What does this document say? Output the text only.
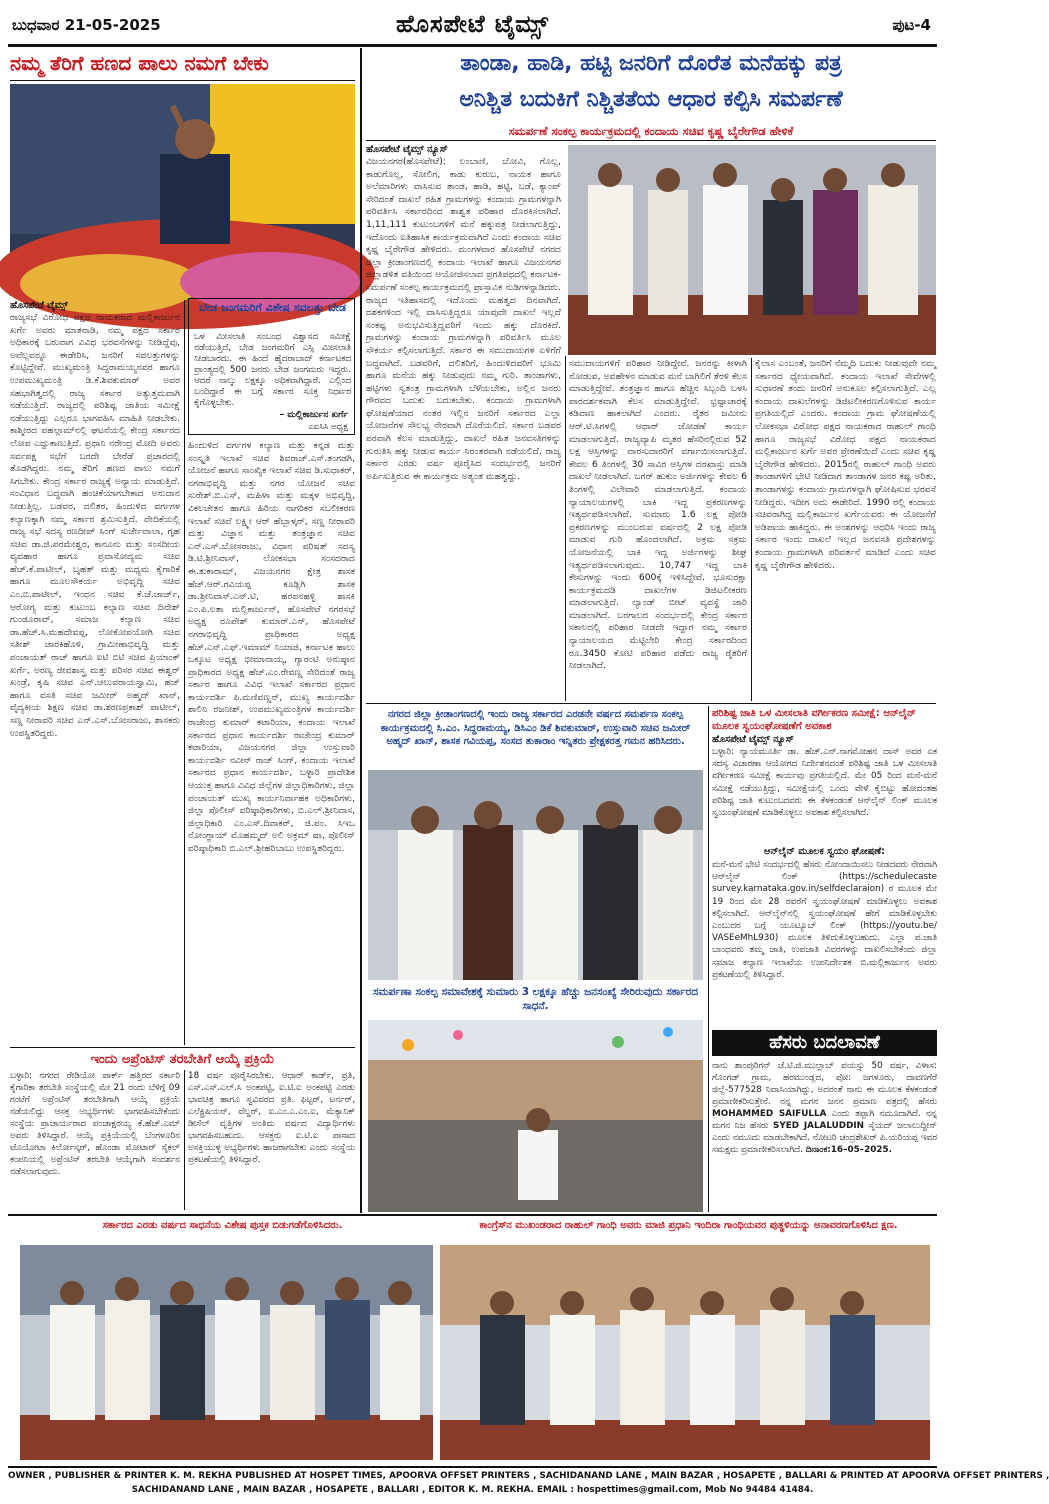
ಬುಧವಾರ 21-05-2025	ಹೊಸಪೇಟೆ ಟೈಮ್ಸ್	ಪುಟ-4
ನಮ್ಮ ತೆರಿಗೆ ಹಣದ ಪಾಲು ನಮಗೆ ಬೇಕು
ಹೊಸಪೇಟೆ ಟೈಮ್ಸ್
ರಾಜ್ಯಸಭೆ ವಿರೋಧ ಪಕ್ಷದ ನಾಯಕರಾದ ಮಲ್ಲಿಕಾರ್ಜುನ ಖರ್ಗೆ ಅವರು ಮಾತನಾಡಿ, ನಮ್ಮ ಪಕ್ಷದ ಸರ್ಕಾರ ಅಧಿಕಾರಕ್ಕೆ ಬರುವಾಗ ವಿವಿಧ ಭರವಸೆಗಳನ್ನು ನೀಡಿದ್ದೆವು, ಅವೆಲ್ಲವನ್ನೂ ಈಡೇರಿಸಿ, ಜನರಿಗೆ ಸವಲತ್ತುಗಳನ್ನು ಕೊಟ್ಟಿದ್ದೇವೆ. ಮುಖ್ಯಮಂತ್ರಿ ಸಿದ್ದರಾಮಯ್ಯನವರ ಹಾಗೂ ಉಪಮುಖ್ಯಮಂತ್ರಿ ಡಿ.ಕೆ.ಶಿವಕುಮಾರ್ ಅವರ ಸಹಭಾಗಿತ್ವದಲ್ಲಿ ರಾಜ್ಯ ಸರ್ಕಾರ ಅತ್ಯುತ್ತಮವಾಗಿ ನಡೆಯುತ್ತಿದೆ. ರಾಜ್ಯದಲ್ಲಿ ಪರಿಶಿಷ್ಟ ಜಾತಿಯ ಸಮೀಕ್ಷೆ ನಡೆಯುತ್ತಿದ್ದು ಎಲ್ಲರೂ ಭಾಗವಹಿಸಿ ಮಾಹಿತಿ ನೀಡಬೇಕು. ಕಾಶ್ಮೀರದ ಪಹಲ್ಗಾಮ್‍ನಲ್ಲಿ ಘಟನೆಯಲ್ಲಿ ಕೇಂದ್ರ ಸರ್ಕಾರದ ಲೋಪ ಎದ್ದುಕಾಣುತ್ತಿದೆ. ಪ್ರಧಾನಿ ನರೇಂದ್ರ ಮೋದಿ ಅವರು ಸರ್ವಪಕ್ಷ ಸಭೆಗೆ ಬರದೇ ಬೇರೆಡೆ ಪ್ರಚಾರದಲ್ಲಿ ತೊಡಗಿದ್ದರು. ನಮ್ಮ ತೆರಿಗೆ ಹಣದ ಪಾಲು ನಮಗೆ ಸಿಗಬೇಕು. ಕೇಂದ್ರ ಸರ್ಕಾರ ರಾಜ್ಯಕ್ಕೆ ಅನ್ಯಾಯ ಮಾಡುತ್ತಿದೆ. ಸಂವಿಧಾನ ಬದ್ಧವಾಗಿ ಹಂಚಿಕೆಯಾಗಬೇಕಾದ ಅನುದಾನ ನೀಡುತ್ತಿಲ್ಲ. ಬಡವರ, ದಲಿತರ, ಹಿಂದುಳಿದ ವರ್ಗಗಳ ಕಲ್ಯಾಣಕ್ಕಾಗಿ ನಮ್ಮ ಸರ್ಕಾರ ಶ್ರಮಿಸುತ್ತಿದೆ. ವೇದಿಕೆಯಲ್ಲಿ ರಾಜ್ಯ ಸಭೆ ಸದಸ್ಯ ರಣದೀಪ್ ಸಿಂಗ್ ಸುರ್ಜೇವಾಲಾ, ಗೃಹ ಸಚಿವ ಡಾ.ಜಿ.ಪರಮೇಶ್ವರ, ಕಾನೂನು ಮತ್ತು ಸಂಸದೀಯ ವ್ಯವಹಾರ ಹಾಗೂ ಪ್ರವಾಸೋದ್ಯಮ ಸಚಿವ ಹೆಚ್.ಕೆ.ಪಾಟೀಲ್, ಬೃಹತ್ ಮತ್ತು ಮಧ್ಯಮ ಕೈಗಾರಿಕೆ ಹಾಗೂ ಮೂಲಸೌಕರ್ಯ ಅಭಿವೃದ್ಧಿ ಸಚಿವ ಎಂ.ಬಿ.ಪಾಟೀಲ್, ಇಂಧನ ಸಚಿವ ಕೆ.ಜೆ.ಜಾರ್ಜ್, ಆರೋಗ್ಯ ಮತ್ತು ಕುಟುಂಬ ಕಲ್ಯಾಣ ಸಚಿವ ದಿನೇಶ್ ಗುಂಡೂರಾವ್, ಸಮಾಜ ಕಲ್ಯಾಣ ಸಚಿವ ಡಾ.ಹೆಚ್.ಸಿ.ಮಹದೇವಪ್ಪ, ಲೋಕೋಪಯೋಗಿ ಸಚಿವ ಸತೀಶ್ ಜಾರಕಿಹೊಳಿ, ಗ್ರಾಮೀಣಾಭಿವೃದ್ಧಿ ಮತ್ತು ಪಂಚಾಯತ್ ರಾಜ್ ಹಾಗೂ ಐಟಿ ಬಿಟಿ ಸಚಿವ ಪ್ರಿಯಾಂಕ್ ಖರ್ಗೆ, ಅರಣ್ಯ ಜೀವಶಾಸ್ತ್ರ ಮತ್ತು ಪರಿಸರ ಸಚಿವ ಈಶ್ವರ್ ಖಂಡ್ರೆ, ಕೃಷಿ ಸಚಿವ ಎನ್.ಚಲುವರಾಯಸ್ವಾಮಿ, ಹಜ್ ಹಾಗೂ ವಸತಿ ಸಚಿವ ಜಮೀರ್ ಅಹ್ಮದ್ ಖಾನ್, ವೈದ್ಯಕೀಯ ಶಿಕ್ಷಣ ಸಚಿವ ಡಾ.ಶರಣಪ್ರಕಾಶ್ ಪಾಟೀಲ್, ಸಣ್ಣ ನೀರಾವರಿ ಸಚಿವ ಎನ್.ಎಸ್.ಬೋಸರಾಜು, ಶಾಸಕರು ಉಪಸ್ಥಿತರಿದ್ದರು.
ಬೇಡ ಜಂಗಮರಿಗೆ ವಿಶೇಷ ಸವಲತ್ತು ಬೇಡ
ಒಳ ಮೀಸಲಾತಿ ಸಂಬಂಧ ವಿಶ್ವಾಸದ ಸಮೀಕ್ಷೆ ನಡೆಯುತ್ತಿದೆ, ಬೇಡ ಜಂಗಮರಿಗೆ ಎಸ್ಸಿ ಮೀಸಲಾತಿ ನೀಡಬಾರದು. ಈ ಹಿಂದೆ ಹೈದರಾಬಾದ್ ಕರ್ನಾಟಕದ ಪ್ರಾಂತ್ಯದಲ್ಲಿ 500 ಜನರು ಬೇಡ ಜಂಗಮರು ಇದ್ದರು. ಆದರೆ ನಾಲ್ಕು ಲಕ್ಷಕ್ಕೂ ಅಧಿಕವಾಗಿದ್ದಾರೆ. ಎಲ್ಲಿಂದ ಬಂದಿದ್ದಾರೆ ಈ ಬಗ್ಗೆ ಸರ್ಕಾರ ಸೂಕ್ತ ನಿರ್ಧಾರ ಕೈಗೊಳ್ಳಬೇಕು.
– ಮಲ್ಲಿಕಾರ್ಜುನ ಖರ್ಗೆ
ಎಐಸಿಸಿ ಅಧ್ಯಕ್ಷ
ಹಿಂದುಳಿದ ವರ್ಗಗಳ ಕಲ್ಯಾಣ ಮತ್ತು ಕನ್ನಡ ಮತ್ತು ಸಂಸ್ಕೃತಿ ಇಲಾಖೆ ಸಚಿವ ಶಿವರಾಜ್.ಎಸ್.ತಂಗಡಗಿ, ಯೋಜನೆ ಹಾಗೂ ಸಾಂಖ್ಯಿಕ ಇಲಾಖೆ ಸಚಿವ ಡಿ.ಸುಧಾಕರ್, ನಗರಾಭಿವೃದ್ಧಿ ಮತ್ತು ನಗರ ಯೋಜನೆ ಸಚಿವ ಸುರೇಶ್.ಬಿ.ಎಸ್, ಮಹಿಳಾ ಮತ್ತು ಮಕ್ಕಳ ಅಭಿವೃದ್ಧಿ, ವಿಕಲಚೇತನ ಹಾಗೂ ಹಿರಿಯ ನಾಗರಿಕರ ಸಬಲೀಕರಣ ಇಲಾಖೆ ಸಚಿವೆ ಲಕ್ಷ್ಮೀ ಆರ್ ಹೆಬ್ಬಾಳ್ಕರ್, ಸಣ್ಣ ನೀರಾವರಿ ಮತ್ತು ವಿಜ್ಞಾನ ಮತ್ತು ತಂತ್ರಜ್ಞಾನ ಸಚಿವ ಎನ್.ಎಸ್.ಬೋಸರಾಜು, ವಿಧಾನ ಪರಿಷತ್ ಸದಸ್ಯ ಡಿ.ಟಿ.ಶ್ರೀನಿವಾಸ್, ಲೋಕಸಭಾ ಸಂಸದರಾದ ಈ.ತುಕಾರಾಮ್, ವಿಜಯನಗರ ಕ್ಷೇತ್ರ ಶಾಸಕ ಹೆಚ್.ಆರ್.ಗವಿಯಪ್ಪ ಕೂಡ್ಲಿಗಿ ಶಾಸಕ ಡಾ.ಶ್ರೀನಿವಾಸ್.ಎನ್.ಟಿ, ಹರಪನಹಳ್ಳಿ ಶಾಸಕಿ ಎಂ.ಪಿ.ಲತಾ ಮಲ್ಲಿಕಾರ್ಜುನ್, ಹೊಸಪೇಟೆ ನಗರಸಭೆ ಅಧ್ಯಕ್ಷ ರೂಪೇಶ್ ಕುಮಾರ್.ಎನ್, ಹೊಸಪೇಟೆ ನಗರಾಭಿವೃದ್ಧಿ ಪ್ರಾಧಿಕಾರದ ಅಧ್ಯಕ್ಷ ಹೆಚ್.ಎನ್.ಎಫ್.ಇಮಾಮ್ ನಿಯಾಜಿ, ಕರ್ನಾಟಕ ಹಾಲು ಒಕ್ಕೂಟ ಅಧ್ಯಕ್ಷ ಭೀಮಾನಾಯ್ಕ, ಗ್ಯಾರಂಟಿ ಅನುಷ್ಠಾನ ಪ್ರಾಧಿಕಾರದ ಅಧ್ಯಕ್ಷ ಹೆಚ್.ಎಂ.ರೇವಣ್ಣ ಸೇರಿದಂತೆ ರಾಜ್ಯ ಸರ್ಕಾರ ಹಾಗೂ ವಿವಿಧ ಇಲಾಖೆ ಸರ್ಕಾರದ ಪ್ರಧಾನ ಕಾರ್ಯದರ್ಶಿ ಪಿ.ಮಣಿವಣ್ಣನ್, ಮುಖ್ಯ ಕಾರ್ಯದರ್ಶಿ ಶಾಲಿನಿ ರಜನೀಶ್, ಉಪಮುಖ್ಯಮಂತ್ರಿಗಳ ಕಾರ್ಯದರ್ಶಿ ರಾಜೇಂದ್ರ ಕುಮಾರ್ ಕಟಾರಿಯಾ, ಕಂದಾಯ ಇಲಾಖೆ ಸರ್ಕಾರದ ಪ್ರಧಾನ ಕಾರ್ಯದರ್ಶಿ ರಾಜೇಂದ್ರ ಕುಮಾರ್ ಕಟಾರಿಯಾ, ವಿಜಯನಗರ ಜಿಲ್ಲಾ ಉಸ್ತುವಾರಿ ಕಾರ್ಯದರ್ಶಿ ನವೀನ್ ರಾಜ್ ಸಿಂಗ್, ಕಂದಾಯ ಇಲಾಖೆ ಸರ್ಕಾರದ ಪ್ರಧಾನ ಕಾರ್ಯದರ್ಶಿ, ಬಳ್ಳಾರಿ ಪ್ರಾದೇಶಿಕ ಆಯುಕ್ತ ಹಾಗೂ ವಿವಿಧ ಜಿಲ್ಲೆಗಳ ಜಿಲ್ಲಾಧಿಕಾರಿಗಳು, ಜಿಲ್ಲಾ ಪಂಚಾಯತ್ ಮುಖ್ಯ ಕಾರ್ಯನಿರ್ವಾಹಕ ಅಧಿಕಾರಿಗಳು, ಜಿಲ್ಲಾ ಪೊಲೀಸ್ ವರಿಷ್ಠಾಧಿಕಾರಿಗಳು, ಬಿ.ಎಲ್.ಶ್ರೀನಿವಾಸ, ಜಿಲ್ಲಾಧಿಕಾರಿ ಎಂ.ಎಸ್.ದಿವಾಕರ್, ಜಿ.ಪಂ. ಸಿಇಒ ನೋಂಗ್ಜಾಯ್ ಮೊಹಮ್ಮದ್ ಅಲಿ ಅಕ್ರಮ್ ಷಾ, ಪೊಲೀಸ್ ವರಿಷ್ಠಾಧಿಕಾರಿ ಬಿ.ಎಲ್.ಶ್ರೀಹರಿಬಾಬು ಉಪಸ್ಥಿತರಿದ್ದರು.
ಇಂದು ಅಪ್ರೆಂಟಿಸ್ ತರಬೇತಿಗೆ ಆಯ್ಕೆ ಪ್ರಕ್ರಿಯೆ
ಬಳ್ಳಾರಿ: ನಗರದ ರೇಡಿಯೋ ಪಾರ್ಕ್ ಹತ್ತಿರದ ಸರ್ಕಾರಿ ಕೈಗಾರಿಕಾ ತರಬೇತಿ ಸಂಸ್ಥೆಯಲ್ಲಿ ಮೇ 21 ರಂದು ಬೆಳಿಗ್ಗೆ 09 ಗಂಟೆಗೆ ಅಪ್ರೆಂಟಿಸ್ ತರಬೇತಿಗಾಗಿ ಆಯ್ಕೆ ಪ್ರಕ್ರಿಯೆ ನಡೆಯಲಿದ್ದು ಆಸಕ್ತ ಅಭ್ಯರ್ಥಿಗಳು ಭಾಗವಹಿಸಬೇಕೆಂದು ಸಂಸ್ಥೆಯ ಪ್ರಾಚಾರ್ಯರಾದ ಪಂಚಾಕ್ಷರಯ್ಯ ಕೆ.ಹೆಚ್.ಎಮ್ ಅವರು ತಿಳಿಸಿದ್ದಾರೆ. ಆಯ್ಕೆ ಪ್ರಕ್ರಿಯೆಯಲ್ಲಿ ಬೆಂಗಳೂರಿನ ಟೊಯೋಟಾ ಕಿರ್ಲೋಸ್ಕರ್, ಹೊಂಡಾ ಮೋಟಾರ್ ಸೈಕಲ್ ಕಂಪನಿಯಲ್ಲಿ ಅಪ್ರೆಂಟಿಸ್ ತರಬೇತಿ ಆಯ್ಕೆಗಾಗಿ ಸಂದರ್ಶನ ನಡೆಸಲಾಗುವುದು.
18 ವರ್ಷ ಪೂರೈಸಿರಬೇಕು. ಆಧಾರ್ ಕಾರ್ಡ್, ಪ್ರತಿ, ಎಸ್.ಎಸ್.ಎಲ್.ಸಿ ಅಂಕಪಟ್ಟಿ, ಐ.ಟಿ.ಐ ಅಂಕಪಟ್ಟಿ ಎರಡು ಭಾವಚಿತ್ರ ಹಾಗೂ ಸ್ವವಿವರದ ಪ್ರತಿ. ಫಿಟ್ಟರ್, ಟರ್ನರ್, ಎಲೆಕ್ಟ್ರಿಷಿಯನ್, ವೆಲ್ಡರ್, ಐ.ಎಂ.ಎ.ಎಂ.ಐ, ಮೆಕ್ಯಾನಿಕ್ ಡೀಸೆಲ್ ವೃತ್ತಿಗಳ ಅಂತಿಮ ವರ್ಷದ ವಿದ್ಯಾರ್ಥಿಗಳು ಭಾಗವಹಿಸಬಹುದು. ಆಸಕ್ತರು ಐ.ಟಿ.ಐ ಪಾಸಾದ ಅಸಕ್ತಿಯುಳ್ಳ ಅಭ್ಯರ್ಥಿಗಳು ಹಾಜರಾಗಬೇಕು ಎಂದು ಸಂಸ್ಥೆಯ ಪ್ರಕಟಣೆಯಲ್ಲಿ ತಿಳಿಸಿದ್ದಾರೆ.
ತಾಂಡಾ, ಹಾಡಿ, ಹಟ್ಟಿ ಜನರಿಗೆ ದೊರೆತ ಮನೆಹಕ್ಕು ಪತ್ರ
ಅನಿಶ್ಚಿತ ಬದುಕಿಗೆ ನಿಶ್ಚಿತತೆಯ ಆಧಾರ ಕಲ್ಪಿಸಿ ಸಮರ್ಪಣೆ
ಸಮರ್ಪಣೆ ಸಂಕಲ್ಪ ಕಾರ್ಯಕ್ರಮದಲ್ಲಿ ಕಂದಾಯ ಸಚಿವ ಕೃಷ್ಣ ಬೈರೇಗೌಡ ಹೇಳಿಕೆ
ಹೊಸಪೇಟೆ ಟೈಮ್ಸ್ ನ್ಯೂಸ್
ವಿಜಯನಗರ(ಹೊಸಪೇಟೆ): ಲಂಬಾಣಿ, ಬೋವಿ, ಗೊಲ್ಲ, ಕಾಡುಗೊಲ್ಲ, ಸೋಲಿಗ, ಕಾಡು ಕುರುಬ, ನಾಯಕ ಹಾಗೂ ಅಲೆಮಾರಿಗಳು ವಾಸಿಸುವ ತಾಂಡ, ಹಾಡಿ, ಹಟ್ಟಿ, ಬಡೆ, ಕ್ಯಾಂಪ್ ಸೇರಿದಂತೆ ದಾಖಲೆ ರಹಿತ ಗ್ರಾಮಗಳನ್ನು ಕಂದಾಯ ಗ್ರಾಮಗಳನ್ನಾಗಿ ಪರಿವರ್ತಿಸಿ ಸರ್ಕಾರದಿಂದ ಶಾಶ್ವತ ಪರಿಹಾರ ದೊರಕಿಸಲಾಗಿದೆ. 1,11,111 ಕುಟುಂಬಗಳಿಗೆ ಮನೆ ಹಕ್ಕುಪತ್ರ ನೀಡಲಾಗುತ್ತಿದ್ದು, ಇದೊಂದು ಐತಿಹಾಸಿಕ ಕಾರ್ಯಕ್ರಮವಾಗಿದೆ ಎಂದು ಕಂದಾಯ ಸಚಿವ ಕೃಷ್ಣ ಬೈರೇಗೌಡ ಹೇಳಿದರು. ಮಂಗಳವಾರ ಹೊಸಪೇಟೆ ನಗರದ ಜಿಲ್ಲಾ ಕ್ರೀಡಾಂಗಣದಲ್ಲಿ ಕಂದಾಯ ಇಲಾಖೆ ಹಾಗೂ ವಿಜಯನಗರ ಜಿಲ್ಲಾಡಳಿತ ವತಿಯಿಂದ ಆಯೋಜಿಸಲಾದ ಪ್ರಗತಿಪಥದಲ್ಲಿ ಕರ್ನಾಟಕ-ಸಮರ್ಪಣೆ ಸಂಕಲ್ಪ ಕಾರ್ಯಕ್ರಮದಲ್ಲಿ ಪ್ರಾಸ್ತಾವಿಕ ನುಡಿಗಳನ್ನಾಡಿದರು. ರಾಜ್ಯದ ಇತಿಹಾಸದಲ್ಲಿ ಇದೊಂದು ಮಹತ್ವದ ದಿನವಾಗಿದೆ. ದಶಕಗಳಿಂದ ಇಲ್ಲಿ ವಾಸಿಸುತ್ತಿದ್ದರೂ ಯಾವುದೇ ದಾಖಲೆ ಇಲ್ಲದೆ ಸಂಕಷ್ಟ ಅನುಭವಿಸುತ್ತಿದ್ದವರಿಗೆ ಇಂದು ಹಕ್ಕು ದೊರಕಿದೆ. ಗ್ರಾಮಗಳನ್ನು ಕಂದಾಯ ಗ್ರಾಮಗಳನ್ನಾಗಿ ಪರಿವರ್ತಿಸಿ ಮೂಲ ಸೌಕರ್ಯ ಕಲ್ಪಿಸಲಾಗುತ್ತಿದೆ. ಸರ್ಕಾರ ಈ ಸಮುದಾಯಗಳ ಏಳಿಗೆಗೆ ಬದ್ಧವಾಗಿದೆ. ಬಡವರಿಗೆ, ದಲಿತರಿಗೆ, ಹಿಂದುಳಿದವರಿಗೆ ಭೂಮಿ ಹಾಗೂ ಮನೆಯ ಹಕ್ಕು ನೀಡುವುದು ನಮ್ಮ ಗುರಿ. ತಾಂಡಾಗಳು, ಹಟ್ಟಿಗಳು ಸ್ವತಂತ್ರ ಗ್ರಾಮಗಳಾಗಿ ಬೆಳೆಯಬೇಕು, ಅಲ್ಲಿನ ಜನರು ಗೌರವದ ಬದುಕು ಬದುಕಬೇಕು. ಕಂದಾಯ ಗ್ರಾಮಗಳಾಗಿ ಘೋಷಣೆಯಾದ ನಂತರ ಇಲ್ಲಿನ ಜನರಿಗೆ ಸರ್ಕಾರದ ಎಲ್ಲಾ ಯೋಜನೆಗಳ ಸೌಲಭ್ಯ ನೇರವಾಗಿ ದೊರೆಯಲಿದೆ. ಸರ್ಕಾರ ಬಡವರ ಪರವಾಗಿ ಕೆಲಸ ಮಾಡುತ್ತಿದ್ದು, ದಾಖಲೆ ರಹಿತ ಜನವಸತಿಗಳನ್ನು ಗುರುತಿಸಿ ಹಕ್ಕು ನೀಡುವ ಕಾರ್ಯ ನಿರಂತರವಾಗಿ ನಡೆಯಲಿದೆ. ರಾಜ್ಯ ಸರ್ಕಾರ ಎರಡು ವರ್ಷ ಪೂರೈಸಿದ ಸಂದರ್ಭದಲ್ಲಿ ಜನರಿಗೆ ಅರ್ಪಿಸುತ್ತಿರುವ ಈ ಕಾರ್ಯಕ್ರಮ ಅತ್ಯಂತ ಮಹತ್ವದ್ದು.
ಸಮುದಾಯಗಳಿಗೆ ಪರಿಹಾರ ನೀಡಿದ್ದೇವೆ. ಜನರನ್ನು ಕೀಳಾಗಿ ನೋಡುವ, ಅವಹೇಳನ ಮಾಡುವ ಮನೆ ಬಾಗಿಲಿಗೆ ತೆರಳಿ ಕೆಲಸ ಮಾಡುತ್ತಿದ್ದೇವೆ. ತಂತ್ರಜ್ಞಾನ ಹಾಗೂ ಹೆಚ್ಚಿನ ಸಿಬ್ಬಂದಿ ಬಳಸಿ ಪಾರದರ್ಶಕವಾಗಿ ಕೆಲಸ ಮಾಡುತ್ತಿದ್ದೇವೆ. ಭ್ರಷ್ಟಾಚಾರಕ್ಕೆ ಕಡಿವಾಣ ಹಾಕಲಾಗಿದೆ ಎಂದರು. ರೈತರ ಜಮೀನು ಆರ್.ಟಿ.ಸಿಗಳಲ್ಲಿ ಆಧಾರ್ ಜೋಡಣೆ ಕಾರ್ಯ ಮಾಡಲಾಗುತ್ತಿದೆ. ರಾಜ್ಯವ್ಯಾಪಿ ಮೃತರ ಹೆಸರಿನಲ್ಲಿರುವ 52 ಲಕ್ಷ ಆಸ್ತಿಗಳನ್ನು ವಾರಸುದಾರರಿಗೆ ವರ್ಗಾಯಿಸಲಾಗುತ್ತಿದೆ. ಕೇವಲ 6 ತಿಂಗಳಲ್ಲಿ 30 ಸಾವಿರ ಆಸ್ತಿಗಳ ದರಖಾಸ್ತು ಮಾಡಿ ದಾಖಲೆ ನೀಡಲಾಗಿದೆ. ಬಗರ್ ಹುಕುಂ ಅರ್ಜಿಗಳನ್ನು ಕೇವಲ 6 ತಿಂಗಳಲ್ಲಿ ವಿಲೇವಾರಿ ಮಾಡಲಾಗುತ್ತಿದೆ. ಕಂದಾಯ ನ್ಯಾಯಾಲಯಗಳಲ್ಲಿ ಬಾಕಿ ಇದ್ದ ಪ್ರಕರಣಗಳನ್ನು ಇತ್ಯರ್ಥಪಡಿಸಲಾಗಿದೆ. ಸುಮಾರು 1.6 ಲಕ್ಷ ಪೋಡಿ ಪ್ರಕರಣಗಳನ್ನು ಮುಂಬರುವ ವರ್ಷದಲ್ಲಿ 2 ಲಕ್ಷ ಪೋಡಿ ಮಾಡುವ ಗುರಿ ಹೊಂದಲಾಗಿದೆ. ಅಕ್ರಮ ಸಕ್ರಮ ಯೋಜನೆಯಲ್ಲಿ ಬಾಕಿ ಇದ್ದ ಅರ್ಜಿಗಳನ್ನು ಶೀಘ್ರ ಇತ್ಯರ್ಥಪಡಿಸಲಾಗುವುದು. 10,747 ಇದ್ದ ಬಾಕಿ ಕೇಸುಗಳನ್ನು ಇಂದು 600ಕ್ಕೆ ಇಳಿಸಿದ್ದೇವೆ. ಭೂಸುರಕ್ಷಾ ಕಾರ್ಯಕ್ರಮದಡಿ ದಾಖಲೆಗಳ ಡಿಜಿಟಲೀಕರಣ ಮಾಡಲಾಗುತ್ತಿದೆ. ಲ್ಯಾಂಡ್ ಬೀಟ್ ವ್ಯವಸ್ಥೆ ಜಾರಿ ಮಾಡಲಾಗಿದೆ. ಬರಗಾಲದ ಸಂದರ್ಭದಲ್ಲಿ ಕೇಂದ್ರ ಸರ್ಕಾರ ಸಕಾಲದಲ್ಲಿ ಪರಿಹಾರ ನೀಡದೇ ಇದ್ದಾಗ ನಮ್ಮ ಸರ್ಕಾರ ನ್ಯಾಯಾಲಯದ ಮೆಟ್ಟಿಲೇರಿ ಕೇಂದ್ರ ಸರ್ಕಾರದಿಂದ ರೂ.3450 ಕೋಟಿ ಪರಿಹಾರ ಪಡೆದು ರಾಜ್ಯ ರೈತರಿಗೆ ನೀಡಲಾಗಿದೆ.
ಕೈಲಾಸ ಎಂಬಂತೆ, ಜನರಿಗೆ ನೆಮ್ಮದಿ ಬದುಕು ನೀಡುವುದೇ ನಮ್ಮ ಸರ್ಕಾರದ ಧ್ಯೇಯವಾಗಿದೆ. ಕಂದಾಯ ಇಲಾಖೆ ಸೇವೆಗಳಲ್ಲಿ ಸುಧಾರಣೆ ತಂದು ಜನರಿಗೆ ಅನುಕೂಲ ಕಲ್ಪಿಸಲಾಗುತ್ತಿದೆ. ಎಲ್ಲ ಕಂದಾಯ ದಾಖಲೆಗಳನ್ನು ಡಿಜಿಟಲೀಕರಣಗೊಳಿಸುವ ಕಾರ್ಯ ಪ್ರಗತಿಯಲ್ಲಿದೆ ಎಂದರು. ಕಂದಾಯ ಗ್ರಾಮ ಘೋಷಣೆಯಲ್ಲಿ ಲೋಕಸಭಾ ವಿರೋಧ ಪಕ್ಷದ ನಾಯಕರಾದ ರಾಹುಲ್ ಗಾಂಧಿ ಹಾಗೂ ರಾಜ್ಯಸಭೆ ವಿರೋಧ ಪಕ್ಷದ ನಾಯಕರಾದ ಮಲ್ಲಿಕಾರ್ಜುನ ಖರ್ಗೆ ಅವರ ಪ್ರೇರಣೆಯಿದೆ ಎಂದು ಸಚಿವ ಕೃಷ್ಣ ಬೈರೇಗೌಡ ಹೇಳಿದರು. 2015ರಲ್ಲಿ ರಾಹುಲ್ ಗಾಂಧಿ ಅವರು ತಾಂಡಾಗಳಿಗೆ ಭೇಟಿ ನೀಡಿದಾಗ ತಾಂಡಾಗಳ ಜನರ ಕಷ್ಟ ಅರಿತು, ತಾಂಡಾಗಳನ್ನು ಕಂದಾಯ ಗ್ರಾಮಗಳನ್ನಾಗಿ ಘೋಷಿಸುವ ಭರವಸೆ ನೀಡಿದ್ದರು. ಇದೀಗ ಅದು ಈಡೇರಿದೆ. 1990 ರಲ್ಲಿ ಕಂದಾಯ ಸಚಿವರಾಗಿದ್ದ ಮಲ್ಲಿಕಾರ್ಜುನ ಖರ್ಗೆಯವರು ಈ ಯೋಜನೆಗೆ ಅಡಿಪಾಯ ಹಾಕಿದ್ದರು. ಈ ಅಂಶಗಳನ್ನು ಆಧರಿಸಿ ಇಂದು ರಾಜ್ಯ ಸರ್ಕಾರ ಇಂದು ದಾಖಲೆ ಇಲ್ಲದ ಜನವಸತಿ ಪ್ರದೇಶಗಳನ್ನು ಕಂದಾಯ ಗ್ರಾಮಗಳಾಗಿ ಪರಿವರ್ತನೆ ಮಾಡಿದೆ ಎಂದು ಸಚಿವ ಕೃಷ್ಣ ಬೈರೇಗೌಡ ಹೇಳಿದರು.
ನಗರದ ಜಿಲ್ಲಾ ಕ್ರೀಡಾಂಗಣದಲ್ಲಿ ಇಂದು ರಾಜ್ಯ ಸರ್ಕಾರದ ಎರಡನೇ ವರ್ಷದ ಸಮರ್ಪಣ ಸಂಕಲ್ಪ ಕಾರ್ಯಕ್ರಮದಲ್ಲಿ ಸಿ.ಎಂ. ಸಿದ್ದರಾಮಯ್ಯ, ಡಿಸಿಎಂ ಡಿಕೆ ಶಿವಕುಮಾರ್, ಉಸ್ತುವಾರಿ ಸಚಿವ ಜಮೀರ್ ಅಹ್ಮದ್ ಖಾನ್, ಶಾಸಕ ಗವಿಯಪ್ಪ, ಸಂಸದ ತುಕಾರಾಂ ಇನ್ನಿತರು ಪ್ರೇಕ್ಷಕರತ್ತ ಗಮನ ಹರಿಸಿದರು.
ಸಮರ್ಪಣಾ ಸಂಕಲ್ಪ ಸಮಾವೇಶಕ್ಕೆ ಸುಮಾರು 3 ಲಕ್ಷಕ್ಕೂ ಹೆಚ್ಚು ಜನಸಂಖ್ಯೆ ಸೇರಿರುವುದು ಸರ್ಕಾರದ ಸಾಧನೆ.
ಪರಿಶಿಷ್ಟ ಜಾತಿ ಒಳ ಮೀಸಲಾತಿ ವರ್ಗೀಕರಣ ಸಮೀಕ್ಷೆ: ಆನ್‍ಲೈನ್ ಮೂಲಕ ಸ್ವಯಂಘೋಷಣೆಗೆ ಅವಕಾಶ
ಹೊಸಪೇಟೆ ಟೈಮ್ಸ್ ನ್ಯೂಸ್
ಬಳ್ಳಾರಿ: ನ್ಯಾಯಮೂರ್ತಿ ಡಾ. ಹೆಚ್.ಎನ್.ನಾಗಮೋಹನ ದಾಸ್ ಅವರ ಏಕ ಸದಸ್ಯ ವಿಚಾರಣಾ ಆಯೋಗದ ನಿರ್ದೇಶನದಂತೆ ಪರಿಶಿಷ್ಟ ಜಾತಿ ಒಳ ಮೀಸಲಾತಿ ವರ್ಗೀಕರಣ ಸಮೀಕ್ಷೆ ಕಾರ್ಯವು ಪ್ರಗತಿಯಲ್ಲಿದೆ. ಮೇ 05 ರಿಂದ ಮನೆ-ಮನೆ ಸಮೀಕ್ಷೆ ನಡೆಯುತ್ತಿದ್ದು, ಸಮೀಕ್ಷೆಯಲ್ಲಿ ಒಂದು ವೇಳೆ ಕೈಬಿಟ್ಟು ಹೋದಂತಹ ಪರಿಶಿಷ್ಟ ಜಾತಿ ಕುಟುಂಬದವರು ಈ ಕೆಳಕಂಡಂತೆ ಆನ್‍ಲೈನ್ ಲಿಂಕ್ ಮೂಲಕ ಸ್ವಯಂಘೋಷಣೆ ಮಾಡಿಕೊಳ್ಳಲು ಅವಕಾಶ ಕಲ್ಪಿಸಲಾಗಿದೆ.
ಆನ್‍ಲೈನ್ ಮೂಲಕ ಸ್ವಯಂ ಘೋಷಣೆ:
ಮನೆ-ಮನೆ ಭೇಟಿ ಸಂದರ್ಭದಲ್ಲಿ ಹೆಸರು ನೋಂದಾಯಿಸಲು ನೀಡದವರು ನೇರವಾಗಿ ಆನ್‍ಲೈನ್ ಲಿಂಕ್ (https://schedulecaste survey.karnataka.gov.in/selfdeclaraion) ರ ಮೂಲಕ ಮೇ 19 ರಿಂದ ಮೇ 28 ರವರೆಗೆ ಸ್ವಯಂಘೋಷಣೆ ಮಾಡಿಕೊಳ್ಳಲು ಅವಕಾಶ ಕಲ್ಪಿಸಲಾಗಿದೆ. ಆನ್‍ಲೈನ್‍ನಲ್ಲಿ ಸ್ವಯಂಘೋಷಣೆ ಹೇಗೆ ಮಾಡಿಕೊಳ್ಳಬೇಕು ಎಂಬುದರ ಬಗ್ಗೆ ಯೂಟ್ಯೂಬ್ ಲಿಂಕ್ (https://youtu.be/ VASEeMhL930) ಮೂಲಕ ತಿಳಿದುಕೊಳ್ಳಬಹುದು. ಎಲ್ಲಾ ಪ.ಜಾತಿ ಬಾಂಧವರು ತಮ್ಮ ಜಾತಿ, ಉಪಜಾತಿ ವಿವರಗಳನ್ನು ದಾಖಲಿಸಬೇಕೆಂದು ಜಿಲ್ಲಾ ಸಮಾಜ ಕಲ್ಯಾಣ ಇಲಾಖೆಯ ಉಪನಿರ್ದೇಶಕ ಬಿ.ಮಲ್ಲಿಕಾರ್ಜುನ ಅವರು ಪ್ರಕಟಣೆಯಲ್ಲಿ ತಿಳಿಸಿದ್ದಾರೆ.
ಹೆಸರು ಬದಲಾವಣೆ
ನಾನು ಶಾಂಪುರಿಗನ್ ಜೆ.ಟಿ.ಜಿ.ಮುಲ್ಲಾಬ್ ವಯಸ್ಸು 50 ವರ್ಷ, ವಿಳಾಸ: ಗೊಂಗಡ್ ಗ್ರಾಮ, ಹರಮುಂಡ್ಲದ, ಪೋ: ಜಗಳೂರು, ದಾವಣಗೆರೆ ಜಿಲ್ಲೆ-577528 ನಿವಾಸಿಯಾಗಿದ್ದು, ಅದರಂತೆ ನಾನು ಈ ಮೂಲಕ ಕೆಳಕಂಡಂತೆ ಪ್ರಮಾಣೀಕರಿಸುತ್ತೇನೆ. ನನ್ನ ಮಗನ ಜನನ ಪ್ರಮಾಣ ಪತ್ರದಲ್ಲಿ ಹೆಸರು MOHAMMED SAIFULLA ಎಂದು ತಪ್ಪಾಗಿ ನಮೂದಾಗಿದೆ. ನನ್ನ ಮಗನ ನಿಜ ಹೆಸರು SYED JALALUDDIN ಸೈಯದ್ ಜಲಾಲುದ್ದೀನ್ ಎಂದು ನಮೂದು ಮಾಡಬೇಕಾಗಿದೆ. ನೋಟರಿ ಚಂದ್ರಶೇಖರ್ ಪಿ.ಯರಿಯಪ್ಪ ಇವರ ಸಮಕ್ಷಮ ಪ್ರಮಾಣೀಕರಿಸಲಾಗಿದೆ. ದಿನಾಂಕ:16–05–2025.
ಸರ್ಕಾರದ ಎರಡು ವರ್ಷದ ಸಾಧನೆಯ ವಿಶೇಷ ಪುಸ್ತಕ ಬಿಡುಗಡೆಗೊಳಿಸಿದರು.	ಕಾಂಗ್ರೆಸ್‍ನ ಮುಖಂಡರಾದ ರಾಹುಲ್ ಗಾಂಧಿ ಅವರು ಮಾಜಿ ಪ್ರಧಾನಿ ಇಂದಿರಾ ಗಾಂಧಿಯವರ ಪುತ್ಥಳಿಯನ್ನು ಅನಾವರಣಗೊಳಿಸಿದ ಕ್ಷಣ.
OWNER , PUBLISHER & PRINTER K. M. REKHA PUBLISHED AT HOSPET TIMES, APOORVA OFFSET PRINTERS , SACHIDANAND LANE , MAIN BAZAR , HOSAPETE , BALLARI & PRINTED AT APOORVA OFFSET PRINTERS ,
SACHIDANAND LANE , MAIN BAZAR , HOSAPETE , BALLARI , EDITOR K. M. REKHA. EMAIL : hospettimes@gmail.com, Mob No 94484 41484.
